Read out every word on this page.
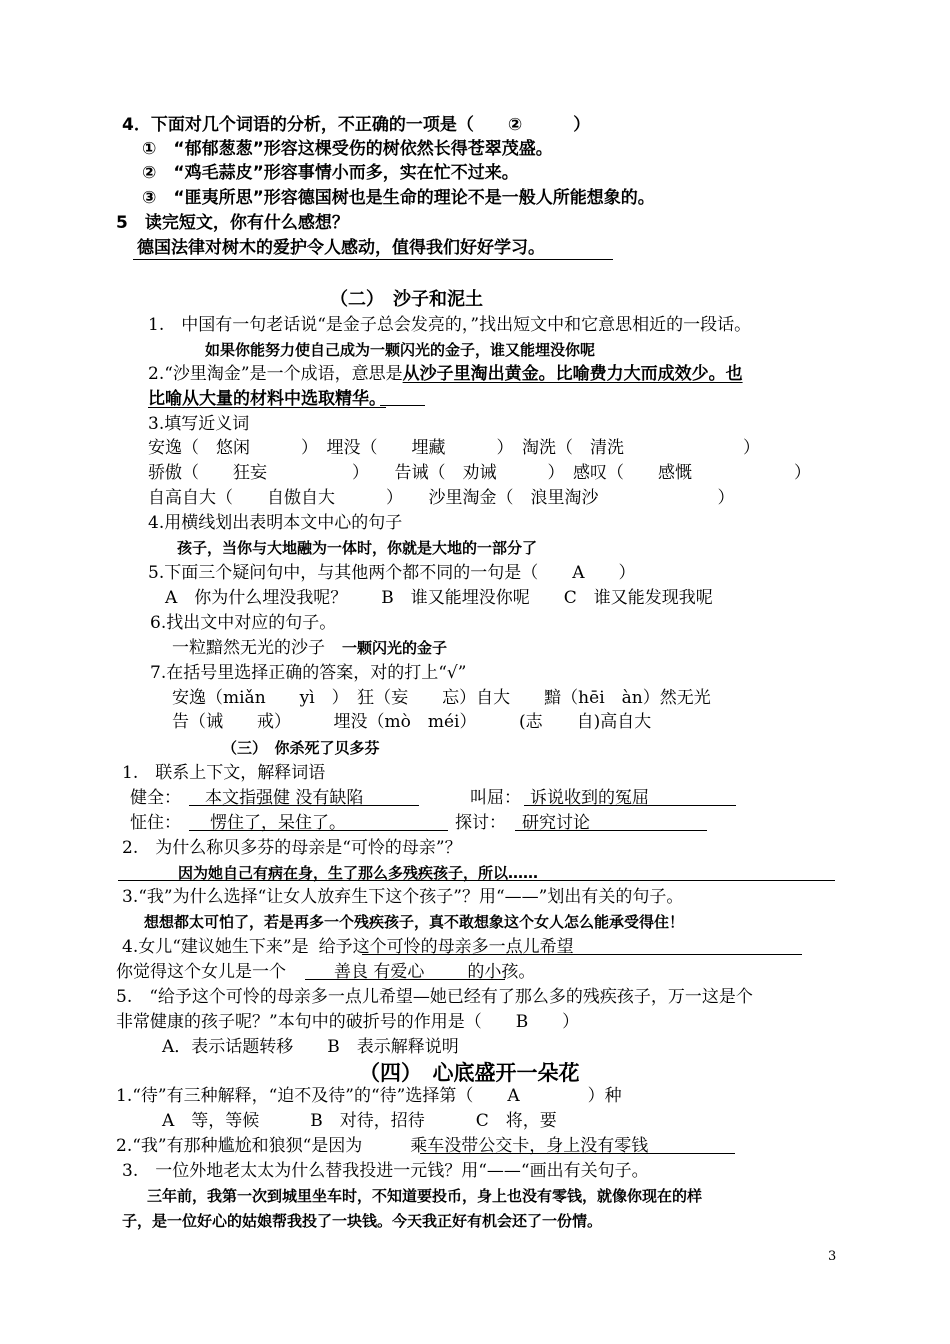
4．下面对几个词语的分析，不正确的一项是（　　②　　　）
①　“郁郁葱葱”形容这棵受伤的树依然长得苍翠茂盛。
②　“鸡毛蒜皮”形容事情小而多，实在忙不过来。
③　“匪夷所思”形容德国树也是生命的理论不是一般人所能想象的。
5　读完短文，你有什么感想？
德国法律对树木的爱护令人感动，值得我们好好学习。
（二）　沙子和泥土
1.　中国有一句老话说“是金子总会发亮的，”找出短文中和它意思相近的一段话。
如果你能努力使自己成为一颗闪光的金子，谁又能埋没你呢
2.“沙里淘金”是一个成语，意思是从沙子里淘出黄金。比喻费力大而成效少。也
比喻从大量的材料中选取精华。
3.填写近义词
安逸（　悠闲　　　）　埋没（　　埋藏　　　）　淘洗（　清洗　　　　　　　）
骄傲（　　狂妄　　　　　）　　告诫（　劝诫　　　）　感叹（　　感慨　　　　　　）
自高自大（　　自傲自大　　　）　　沙里淘金（　浪里淘沙　　　　　　　）
4.用横线划出表明本文中心的句子
孩子，当你与大地融为一体时，你就是大地的一部分了
5.下面三个疑问句中，与其他两个都不同的一句是（　　A　　）
A　你为什么埋没我呢？　　B　谁又能埋没你呢　　C　谁又能发现我呢
6.找出文中对应的句子。
一粒黯然无光的沙子　一颗闪光的金子
7.在括号里选择正确的答案，对的打上“√”
安逸（miǎn　　yì　）　狂（妄　　忘）自大　　黯（hēi　àn）然无光
告（诫　　戒）　　　埋没（mò　méi）　　　(志　　自)高自大
（三）　你杀死了贝多芬
1.　联系上下文，解释词语
健全： 本文指强健 没有缺陷	叫屈： 诉说收到的冤屈
怔住： 愣住了，呆住了。	探讨： 研究讨论
2.　为什么称贝多芬的母亲是“可怜的母亲”？
因为她自己有病在身，生了那么多残疾孩子，所以……
3.“我”为什么选择“让女人放弃生下这个孩子”？用“——”划出有关的句子。
想想都太可怕了，若是再多一个残疾孩子，真不敢想象这个女人怎么能承受得住！
4.女儿“建议她生下来”是 给予这个可怜的母亲多一点儿希望
你觉得这个女儿是一个	善良 有爱心	的小孩。
5.　“给予这个可怜的母亲多一点儿希望—她已经有了那么多的残疾孩子，万一这是个
非常健康的孩子呢？”本句中的破折号的作用是（　　B　　）
A．表示话题转移　　B　表示解释说明
（四）　心底盛开一朵花
1.“待”有三种解释，“迫不及待”的“待”选择第（　　A　　　　）种
A　等，等候　　　B　对待，招待　　　C　将，要
2.“我”有那种尴尬和狼狈“是因为	乘车没带公交卡，身上没有零钱
3.　一位外地老太太为什么替我投进一元钱？用“——“画出有关句子。
三年前，我第一次到城里坐车时，不知道要投币，身上也没有零钱，就像你现在的样
子，是一位好心的姑娘帮我投了一块钱。今天我正好有机会还了一份情。
3
